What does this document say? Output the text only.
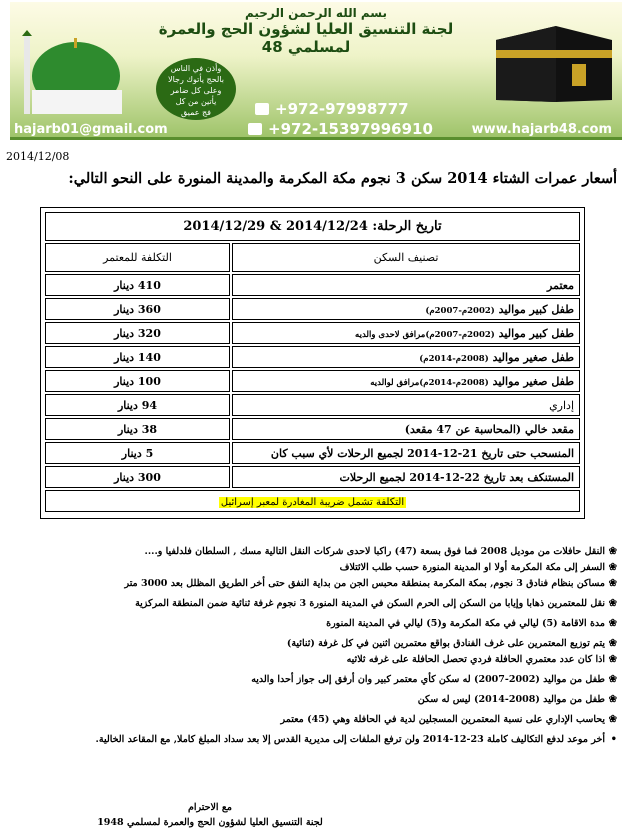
بسم الله الرحمن الرحيم
لجنة التنسيق العليا لشؤون الحج والعمرة لمسلمي 48
وأذن في الناس
بالحج يأتوك رجالا
وعلى كل ضامر
يأتين من كل
فج عميق	+972-97998777
+972-15397996910
hajarb01@gmail.com	www.hajarb48.com
2014/12/08
أسعار عمرات الشتاء 2014 سكن 3 نجوم مكة المكرمة والمدينة المنورة على النحو التالي:
تاريخ الرحلة: 2014/12/24 & 2014/12/29	
تصنيف السكن	التكلفة للمعتمر
معتمر	410 دينار
طفل كبير مواليد (2002م-2007م)	360 دينار
طفل كبير مواليد (2002م-2007م)مرافق لاحدى والديه	320 دينار
طفل صغير مواليد (2008م-2014م)	140 دينار
طفل صغير مواليد (2008م-2014م)مرافق لوالديه	100 دينار
إداري	94 دينار
مقعد خالي (المحاسبة عن 47 مقعد)	38 دينار
المنسحب حتى تاريخ 21-12-2014 لجميع الرحلات لأي سبب كان	5 دينار
المستنكف بعد تاريخ 22-12-2014 لجميع الرحلات	300 دينار
التكلفة تشمل ضريبة المغادرة لمعبر إسرائيل	
❀النقل حافلات من موديل 2008 فما فوق بسعة (47) راكبا لاحدى شركات النقل التالية مسك , السلطان فلدلفيا و....
❀السفر إلى مكة المكرمة أولا او المدينة المنورة حسب طلب الائتلاف
❀مساكن بنظام فنادق 3 نجوم, بمكة المكرمة بمنطقة محبس الجن من بداية النفق حتى أخر الطريق المظلل بعد 3000 متر
❀نقل للمعتمرين ذهابا وإيابا من السكن إلى الحرم السكن في المدينة المنورة 3 نجوم غرفة ثنائية ضمن المنطقة المركزية
❀مدة الاقامة (5) ليالي في مكة المكرمة و(5) ليالي في المدينة المنورة
❀يتم توزيع المعتمرين على غرف الفنادق بواقع معتمرين اثنين في كل غرفة (ثنائية)
❀اذا كان عدد معتمري الحافلة فردي تحصل الحافلة على غرفه ثلاثيه
❀طفل من مواليد (2002-2007) له سكن كأي معتمر كبير وان أرفق إلى جواز أحدا والديه
❀طفل من مواليد (2008-2014) ليس له سكن
❀يحاسب الإداري على نسبة المعتمرين المسجلين لدية في الحافلة وهي (45) معتمر
•أخر موعد لدفع التكاليف كاملة 23-12-2014 ولن ترفع الملفات إلى مديرية القدس إلا بعد سداد المبلغ كاملا, مع المقاعد الخالية.
مع الاحترام
لجنة التنسيق العليا لشؤون الحج والعمرة لمسلمي 1948
